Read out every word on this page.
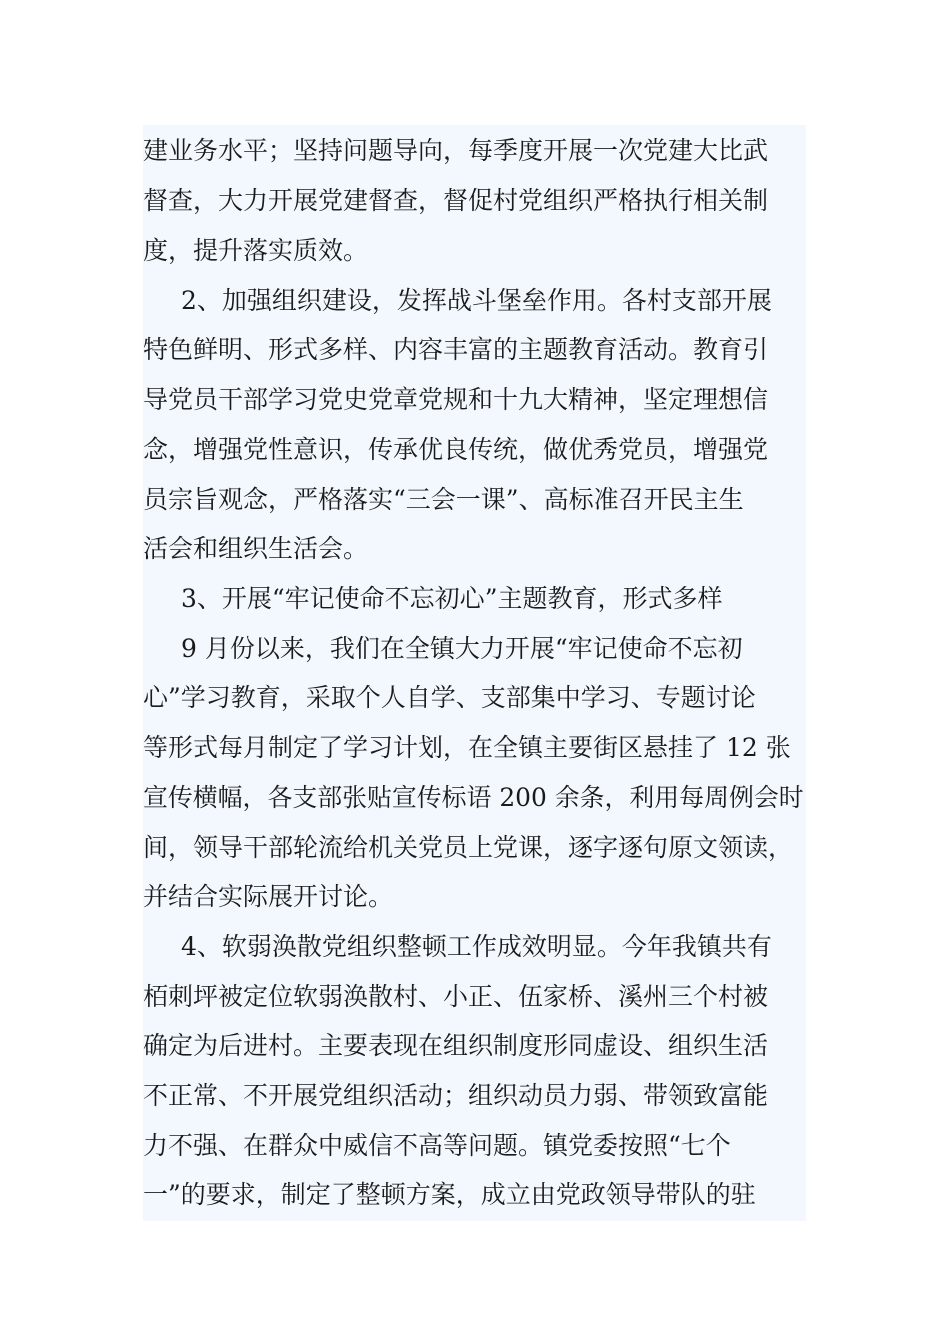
建业务水平；坚持问题导向，每季度开展一次党建大比武
督查，大力开展党建督查，督促村党组织严格执行相关制
度，提升落实质效。
2、加强组织建设，发挥战斗堡垒作用。各村支部开展
特色鲜明、形式多样、内容丰富的主题教育活动。教育引
导党员干部学习党史党章党规和十九大精神，坚定理想信
念，增强党性意识，传承优良传统，做优秀党员，增强党
员宗旨观念，严格落实“三会一课”、高标准召开民主生
活会和组织生活会。
3、开展“牢记使命不忘初心”主题教育，形式多样
9 月份以来，我们在全镇大力开展“牢记使命不忘初
心”学习教育，采取个人自学、支部集中学习、专题讨论
等形式每月制定了学习计划，在全镇主要街区悬挂了 12 张
宣传横幅，各支部张贴宣传标语 200 余条，利用每周例会时
间，领导干部轮流给机关党员上党课，逐字逐句原文领读，
并结合实际展开讨论。
4、软弱涣散党组织整顿工作成效明显。今年我镇共有
栢刺坪被定位软弱涣散村、小正、伍家桥、溪州三个村被
确定为后进村。主要表现在组织制度形同虚设、组织生活
不正常、不开展党组织活动；组织动员力弱、带领致富能
力不强、在群众中威信不高等问题。镇党委按照“七个
一”的要求，制定了整顿方案，成立由党政领导带队的驻
